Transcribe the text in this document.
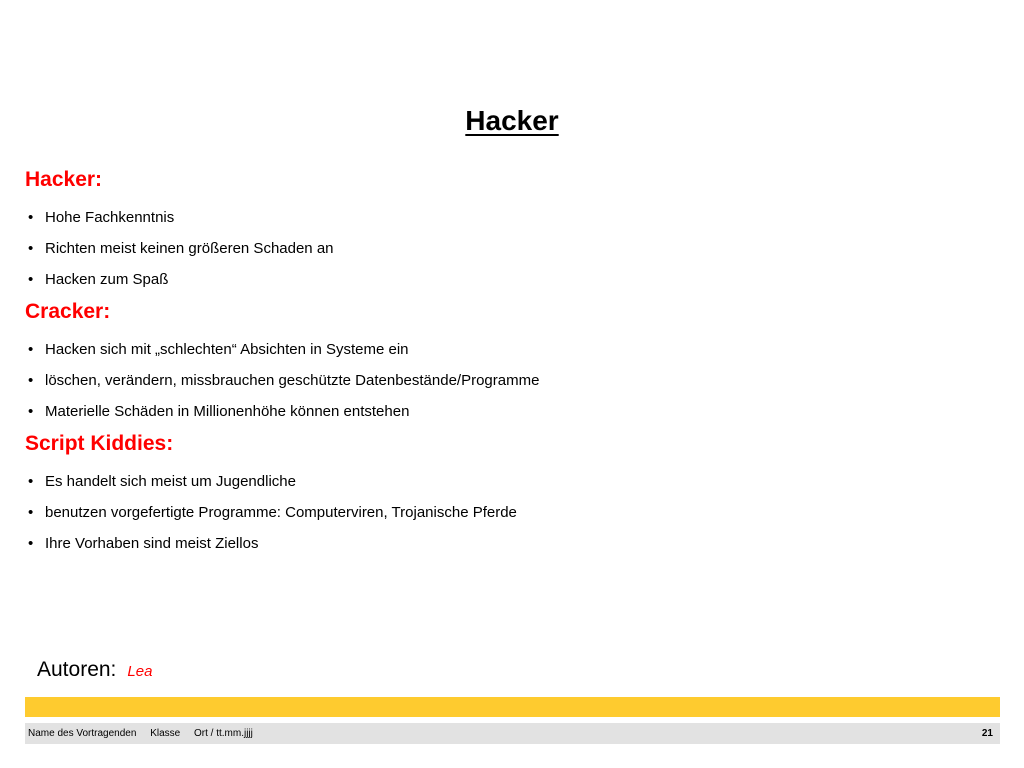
Hacker
Hacker:
• Hohe Fachkenntnis
• Richten meist keinen größeren Schaden an
• Hacken zum Spaß
Cracker:
• Hacken sich mit „schlechten“ Absichten in Systeme ein
• löschen, verändern, missbrauchen geschützte Datenbestände/Programme
• Materielle Schäden in Millionenhöhe können entstehen
Script Kiddies:
• Es handelt sich meist um Jugendliche
• benutzen vorgefertigte Programme: Computerviren, Trojanische Pferde
• Ihre Vorhaben sind meist Ziellos
Autoren: Lea
Name des Vortragenden Klasse Ort / tt.mm.jjjj	21
